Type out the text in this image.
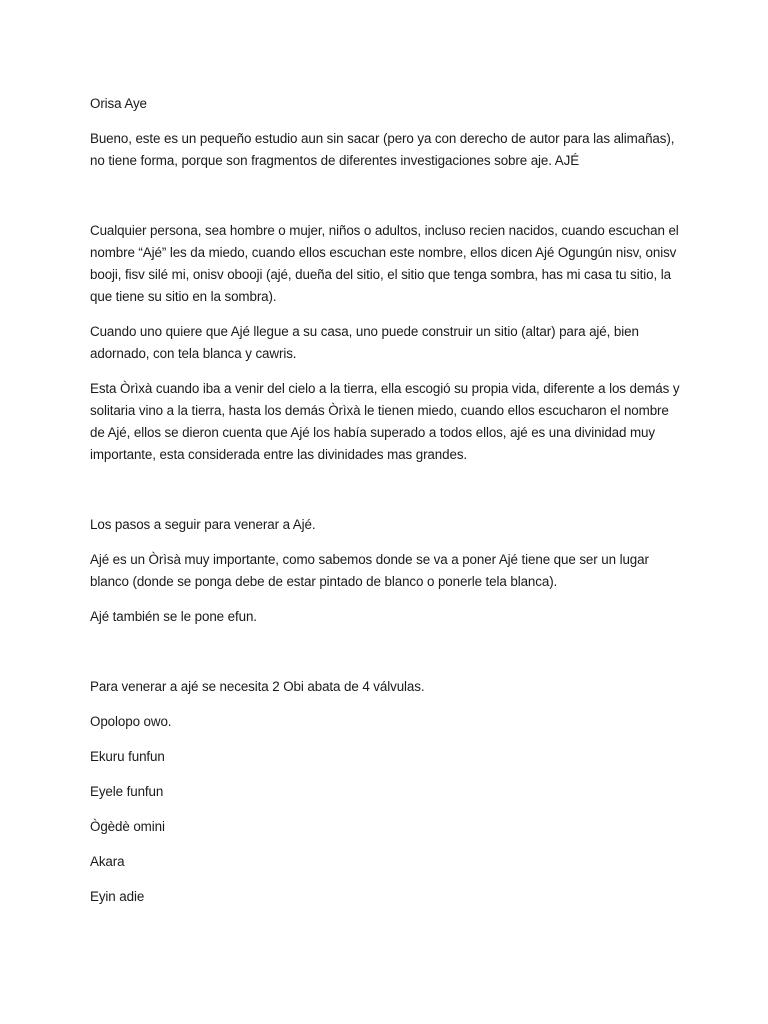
Orisa Aye

Bueno, este es un pequeño estudio aun sin sacar (pero ya con derecho de autor para las alimañas), no tiene forma, porque son fragmentos de diferentes investigaciones sobre aje. AJÉ

Cualquier persona, sea hombre o mujer, niños o adultos, incluso recien nacidos, cuando escuchan el nombre “Ajé” les da miedo, cuando ellos escuchan este nombre, ellos dicen Ajé Ogungún nisv, onisv booji, fisv silé mi, onisv obooji (ajé, dueña del sitio, el sitio que tenga sombra, has mi casa tu sitio, la que tiene su sitio en la sombra).

Cuando uno quiere que Ajé llegue a su casa, uno puede construir un sitio (altar) para ajé, bien adornado, con tela blanca y cawris.

Esta Òrìxà cuando iba a venir del cielo a la tierra, ella escogió su propia vida, diferente a los demás y solitaria vino a la tierra, hasta los demás Òrìxà le tienen miedo, cuando ellos escucharon el nombre de Ajé, ellos se dieron cuenta que Ajé los había superado a todos ellos, ajé es una divinidad muy importante, esta considerada entre las divinidades mas grandes.

Los pasos a seguir para venerar a Ajé.

Ajé es un Òrìsà muy importante, como sabemos donde se va a poner Ajé tiene que ser un lugar blanco (donde se ponga debe de estar pintado de blanco o ponerle tela blanca).

Ajé también se le pone efun.

Para venerar a ajé se necesita 2 Obi abata de 4 válvulas.

Opolopo owo.

Ekuru funfun

Eyele funfun

Ògèdè omini

Akara

Eyin adie
